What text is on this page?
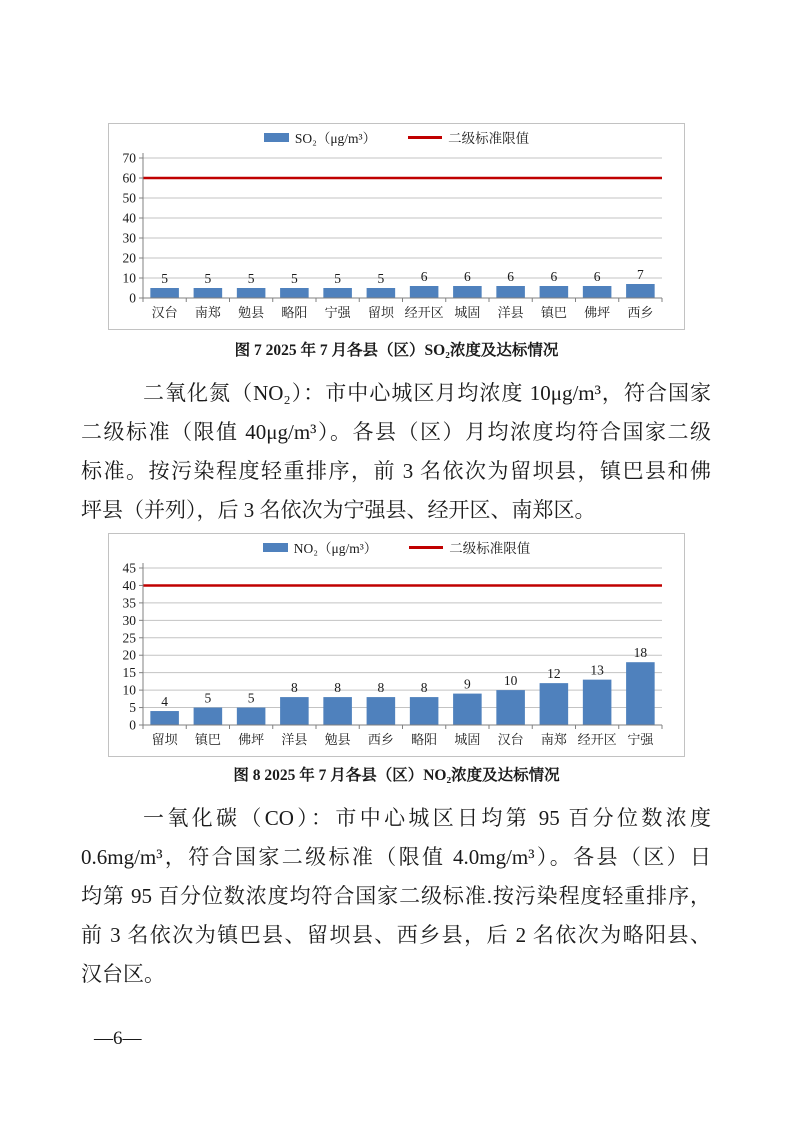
SO₂（μg/m³）	二级标准限值
0
10
20
30
40
50
60
70
5
汉台
5
南郑
5
勉县
5
略阳
5
宁强
5
留坝
6
经开区
6
城固
6
洋县
6
镇巴
6
佛坪
7
西乡

图 7 2025 年 7 月各县（区）SO₂浓度及达标情况

二氧化氮（NO₂）：市中心城区月均浓度 10μg/m³，符合国家
二级标准（限值 40μg/m³）。各县（区）月均浓度均符合国家二级
标准。按污染程度轻重排序，前 3 名依次为留坝县，镇巴县和佛
坪县（并列），后 3 名依次为宁强县、经开区、南郑区。
NO₂（μg/m³）	二级标准限值
0
5
10
15
20
25
30
35
40
45
4
留坝
5
镇巴
5
佛坪
8
洋县
8
勉县
8
西乡
8
略阳
9
城固
10
汉台
12
南郑
13
经开区
18
宁强

图 8 2025 年 7 月各县（区）NO₂浓度及达标情况

一氧化碳（CO）：市中心城区日均第 95 百分位数浓度
0.6mg/m³，符合国家二级标准（限值 4.0mg/m³）。各县（区）日
均第 95 百分位数浓度均符合国家二级标准.按污染程度轻重排序，
前 3 名依次为镇巴县、留坝县、西乡县，后 2 名依次为略阳县、
汉台区。
—6—
